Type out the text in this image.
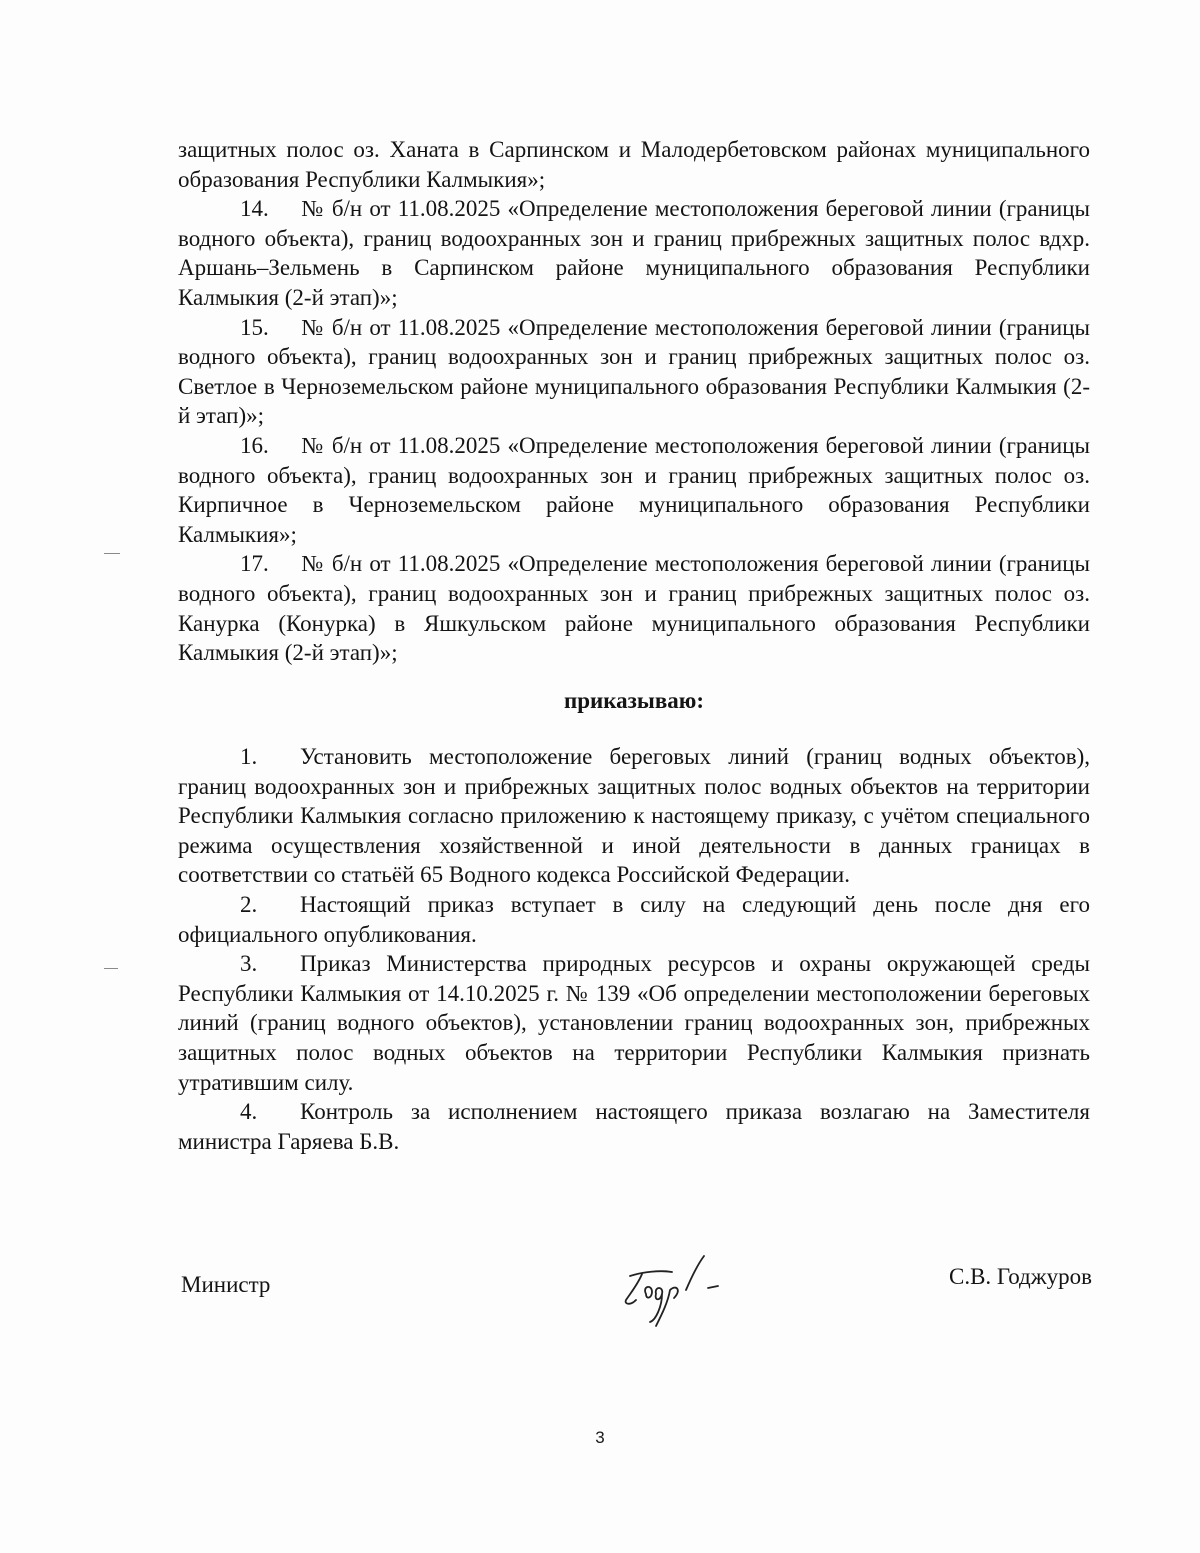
защитных полос оз. Ханата в Сарпинском и Малодербетовском районах муниципального образования Республики Калмыкия»;

14. № б/н от 11.08.2025 «Определение местоположения береговой линии (границы водного объекта), границ водоохранных зон и границ прибрежных защитных полос вдхр. Аршань–Зельмень в Сарпинском районе муниципального образования Республики Калмыкия (2-й этап)»;

15. № б/н от 11.08.2025 «Определение местоположения береговой линии (границы водного объекта), границ водоохранных зон и границ прибрежных защитных полос оз. Светлое в Черноземельском районе муниципального образования Республики Калмыкия (2-й этап)»;

16. № б/н от 11.08.2025 «Определение местоположения береговой линии (границы водного объекта), границ водоохранных зон и границ прибрежных защитных полос оз. Кирпичное в Черноземельском районе муниципального образования Республики Калмыкия»;

17. № б/н от 11.08.2025 «Определение местоположения береговой линии (границы водного объекта), границ водоохранных зон и границ прибрежных защитных полос оз. Канурка (Конурка) в Яшкульском районе муниципального образования Республики Калмыкия (2-й этап)»;

приказываю:

1. Установить местоположение береговых линий (границ водных объектов), границ водоохранных зон и прибрежных защитных полос водных объектов на территории Республики Калмыкия согласно приложению к настоящему приказу, с учётом специального режима осуществления хозяйственной и иной деятельности в данных границах в соответствии со статьёй 65 Водного кодекса Российской Федерации.

2. Настоящий приказ вступает в силу на следующий день после дня его официального опубликования.

3. Приказ Министерства природных ресурсов и охраны окружающей среды Республики Калмыкия от 14.10.2025 г. № 139 «Об определении местоположении береговых линий (границ водного объектов), установлении границ водоохранных зон, прибрежных защитных полос водных объектов на территории Республики Калмыкия признать утратившим силу.

4. Контроль за исполнением настоящего приказа возлагаю на Заместителя министра Гаряева Б.В.

Министр	С.В. Годжуров
3
